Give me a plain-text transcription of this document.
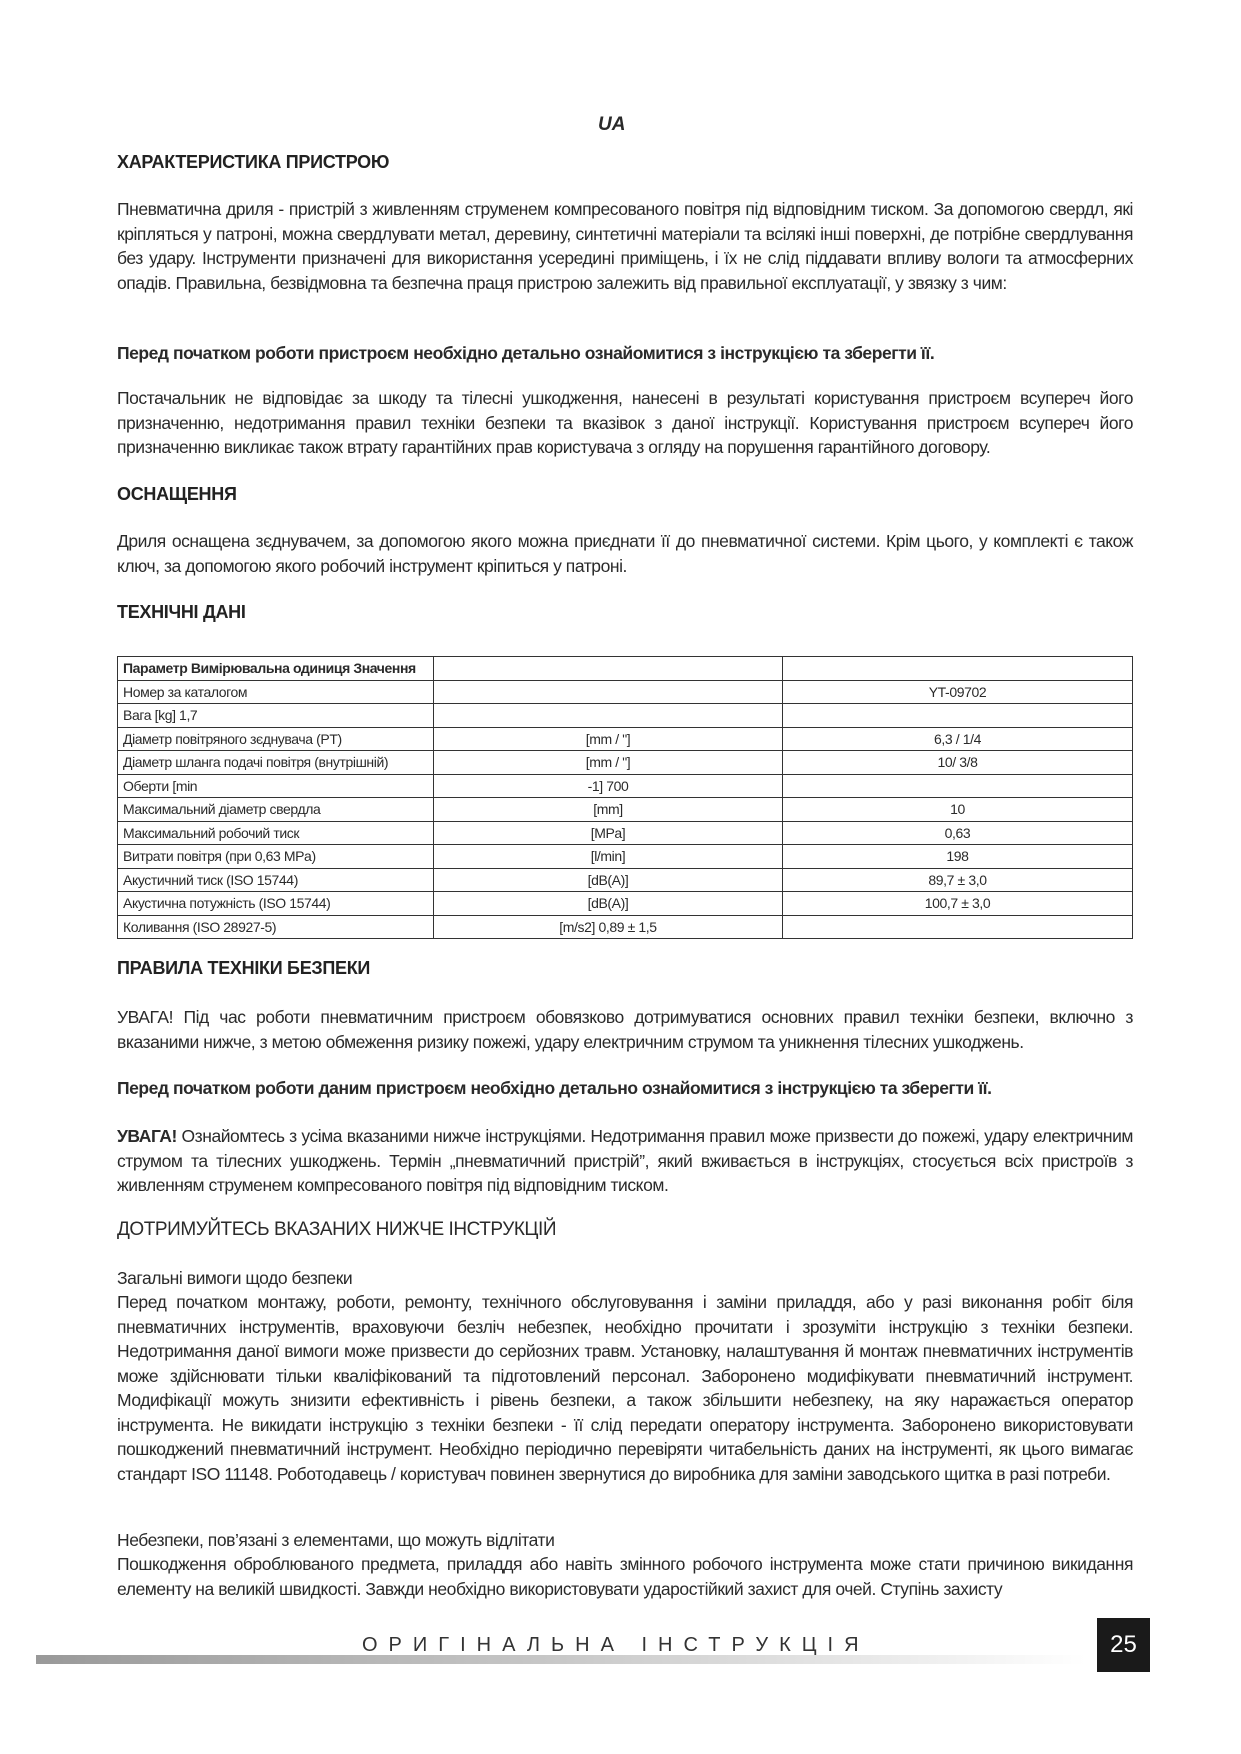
UA
ХАРАКТЕРИСТИКА ПРИСТРОЮ
Пневматична дриля - пристрій з живленням струменем компресованого повітря під відповідним тиском. За допомогою свердл, які кріпляться у патроні, можна свердлувати метал, деревину, синтетичні матеріали та всілякі інші поверхні, де потрібне свердлування без удару. Інструменти призначені для використання усередині приміщень, і їх не слід піддавати впливу вологи та атмосферних опадів. Правильна, безвідмовна та безпечна праця пристрою залежить від правильної експлуатації, у звязку з чим:
Перед початком роботи пристроєм необхідно детально ознайомитися з інструкцією та зберегти її.
Постачальник не відповідає за шкоду та тілесні ушкодження, нанесені в результаті користування пристроєм всупереч його призначенню, недотримання правил техніки безпеки та вказівок з даної інструкції. Користування пристроєм всупереч його призначенню викликає також втрату гарантійних прав користувача з огляду на порушення гарантійного договору.
ОСНАЩЕННЯ
Дриля оснащена зєднувачем, за допомогою якого можна приєднати її до пневматичної системи. Крім цього, у комплекті є також ключ, за допомогою якого робочий інструмент кріпиться у патроні.
ТЕХНІЧНІ ДАНІ
Параметр Вимірювальна одиниця Значення		
Номер за каталогом		YT-09702
Вага [kg] 1,7		
Діаметр повітряного зєднувача (PT)	[mm / "]	6,3 / 1/4
Діаметр шланга подачі повітря (внутрішній)	[mm / "]	10/ 3/8
Оберти [min	-1] 700	
Максимальний діаметр свердла	[mm]	10
Максимальний робочий тиск	[MPa]	0,63
Витрати повітря (при 0,63 MPa)	[l/min]	198
Акустичний тиск (ISO 15744)	[dB(A)]	89,7 ± 3,0
Акустична потужність (ISO 15744)	[dB(A)]	100,7 ± 3,0
Коливання (ISO 28927-5)	[m/s2] 0,89 ± 1,5	
ПРАВИЛА ТЕХНІКИ БЕЗПЕКИ
УВАГА! Під час роботи пневматичним пристроєм обовязково дотримуватися основних правил техніки безпеки, включно з вказаними нижче, з метою обмеження ризику пожежі, удару електричним струмом та уникнення тілесних ушкоджень.
Перед початком роботи даним пристроєм необхідно детально ознайомитися з інструкцією та зберегти її.
УВАГА! Ознайомтесь з усіма вказаними нижче інструкціями. Недотримання правил може призвести до пожежі, удару електричним струмом та тілесних ушкоджень. Термін „пневматичний пристрій”, який вживається в інструкціях, стосується всіх пристроїв з живленням струменем компресованого повітря під відповідним тиском.
ДОТРИМУЙТЕСЬ ВКАЗАНИХ НИЖЧЕ ІНСТРУКЦІЙ
Загальні вимоги щодо безпеки
Перед початком монтажу, роботи, ремонту, технічного обслуговування і заміни приладдя, або у разі виконання робіт біля пневматичних інструментів, враховуючи безліч небезпек, необхідно прочитати і зрозуміти інструкцію з техніки безпеки. Недотримання даної вимоги може призвести до серйозних травм. Установку, налаштування й монтаж пневматичних інструментів може здійснювати тільки кваліфікований та підготовлений персонал. Заборонено модифікувати пневматичний інструмент. Модифікації можуть знизити ефективність і рівень безпеки, а також збільшити небезпеку, на яку наражається оператор інструмента. Не викидати інструкцію з техніки безпеки - її слід передати оператору інструмента. Заборонено використовувати пошкоджений пневматичний інструмент. Необхідно періодично перевіряти читабельність даних на інструменті, як цього вимагає стандарт ISO 11148. Роботодавець / користувач повинен звернутися до виробника для заміни заводського щитка в разі потреби.
Небезпеки, пов’язані з елементами, що можуть відлітати
Пошкодження оброблюваного предмета, приладдя або навіть змінного робочого інструмента може стати причиною викидання елементу на великій швидкості. Завжди необхідно використовувати ударостійкий захист для очей. Ступінь захисту
ОРИГІНАЛЬНА ІНСТРУКЦІЯ	25
